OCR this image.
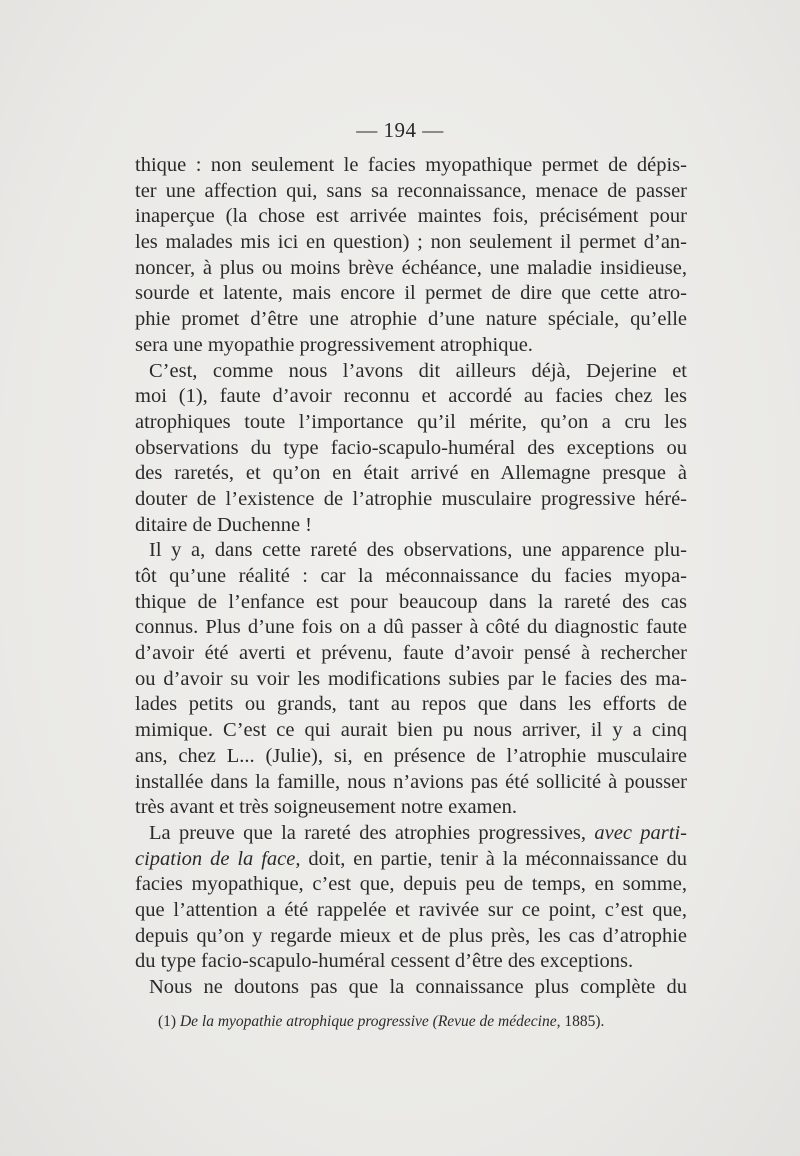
— 194 —
thique : non seulement le facies myopathique permet de dépis-
ter une affection qui, sans sa reconnaissance, menace de passer
inaperçue (la chose est arrivée maintes fois, précisément pour
les malades mis ici en question) ; non seulement il permet d’an-
noncer, à plus ou moins brève échéance, une maladie insidieuse,
sourde et latente, mais encore il permet de dire que cette atro-
phie promet d’être une atrophie d’une nature spéciale, qu’elle
sera une myopathie progressivement atrophique.
C’est, comme nous l’avons dit ailleurs déjà, Dejerine et
moi (1), faute d’avoir reconnu et accordé au facies chez les
atrophiques toute l’importance qu’il mérite, qu’on a cru les
observations du type facio-scapulo-huméral des exceptions ou
des raretés, et qu’on en était arrivé en Allemagne presque à
douter de l’existence de l’atrophie musculaire progressive héré-
ditaire de Duchenne !
Il y a, dans cette rareté des observations, une apparence plu-
tôt qu’une réalité : car la méconnaissance du facies myopa-
thique de l’enfance est pour beaucoup dans la rareté des cas
connus. Plus d’une fois on a dû passer à côté du diagnostic faute
d’avoir été averti et prévenu, faute d’avoir pensé à rechercher
ou d’avoir su voir les modifications subies par le facies des ma-
lades petits ou grands, tant au repos que dans les efforts de
mimique. C’est ce qui aurait bien pu nous arriver, il y a cinq
ans, chez L... (Julie), si, en présence de l’atrophie musculaire
installée dans la famille, nous n’avions pas été sollicité à pousser
très avant et très soigneusement notre examen.
La preuve que la rareté des atrophies progressives, avec parti-
cipation de la face, doit, en partie, tenir à la méconnaissance du
facies myopathique, c’est que, depuis peu de temps, en somme,
que l’attention a été rappelée et ravivée sur ce point, c’est que,
depuis qu’on y regarde mieux et de plus près, les cas d’atrophie
du type facio-scapulo-huméral cessent d’être des exceptions.
Nous ne doutons pas que la connaissance plus complète du
(1) De la myopathie atrophique progressive (Revue de médecine, 1885).
